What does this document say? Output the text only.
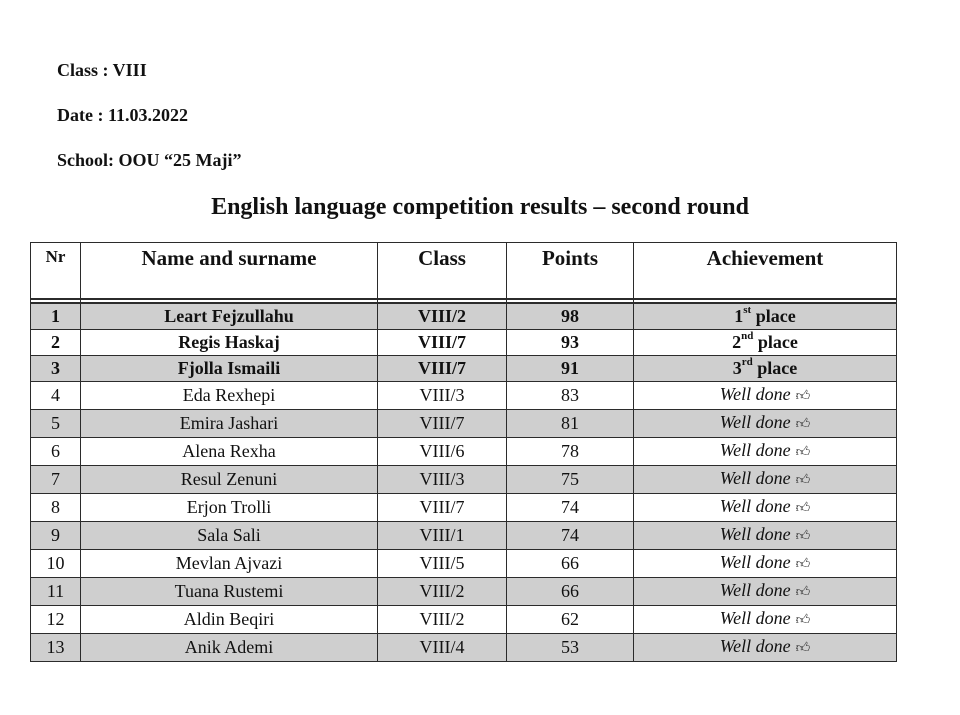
Class : VIII
Date : 11.03.2022
School: OOU “25 Maji”
English language competition results – second round
Nr	Name and surname	Class	Points	Achievement

1	Leart Fejzullahu	VIII/2	98	1st place
2	Regis Haskaj	VIII/7	93	2nd place
3	Fjolla Ismaili	VIII/7	91	3rd place
4	Eda Rexhepi	VIII/3	83	Well done 👍︎
5	Emira Jashari	VIII/7	81	Well done 👍︎
6	Alena Rexha	VIII/6	78	Well done 👍︎
7	Resul Zenuni	VIII/3	75	Well done 👍︎
8	Erjon Trolli	VIII/7	74	Well done 👍︎
9	Sala Sali	VIII/1	74	Well done 👍︎
10	Mevlan Ajvazi	VIII/5	66	Well done 👍︎
11	Tuana Rustemi	VIII/2	66	Well done 👍︎
12	Aldin Beqiri	VIII/2	62	Well done 👍︎
13	Anik Ademi	VIII/4	53	Well done 👍︎
